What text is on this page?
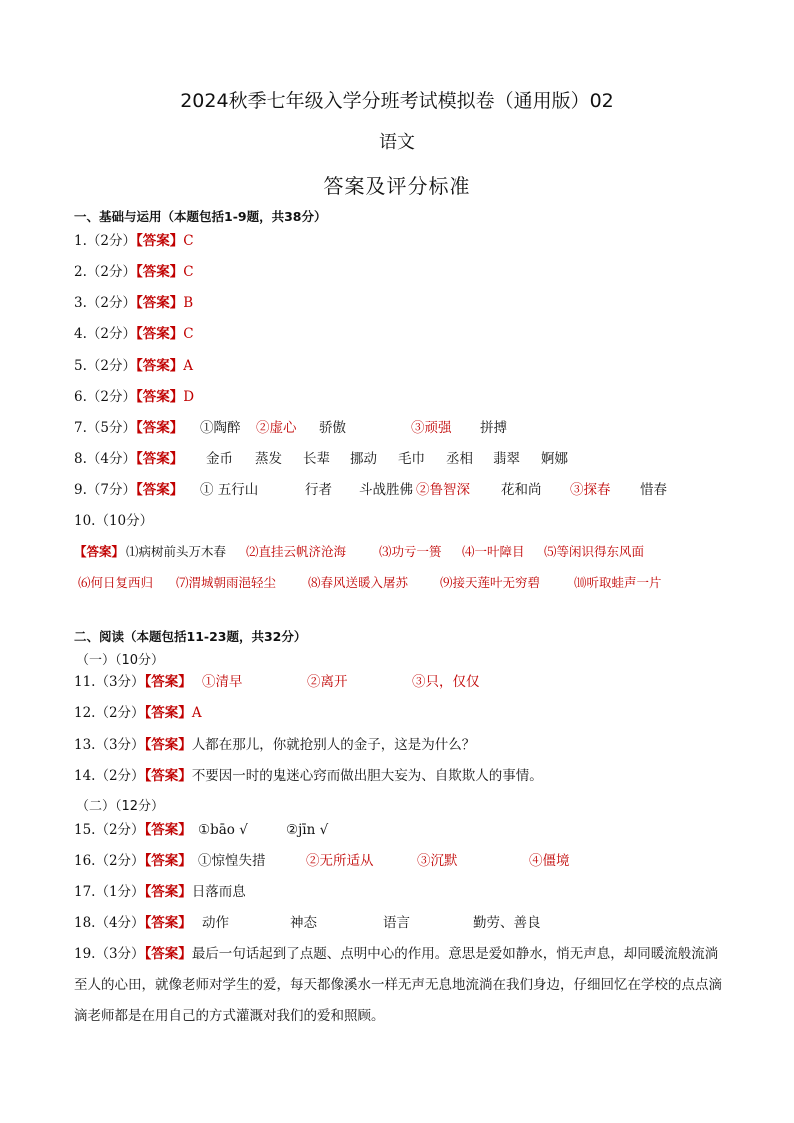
2024秋季七年级入学分班考试模拟卷（通用版）02
语文
答案及评分标准
一、基础与运用（本题包括1-9题，共38分）
1.（2分）【答案】C
2.（2分）【答案】C
3.（2分）【答案】B
4.（2分）【答案】C
5.（2分）【答案】A
6.（2分）【答案】D
7.（5分）【答案】 ①陶醉 ②虚心 骄傲	③顽强 拼搏
8.（4分）【答案】 金币 蒸发 长辈 挪动 毛巾 丞相 翡翠 婀娜
9.（7分）【答案】 ① 五行山	行者 斗战胜佛 ②鲁智深 花和尚 ③探春 惜春
10.（10分）
【答案】 ⑴病树前头万木春 ⑵直挂云帆济沧海	⑶功亏一篑 ⑷一叶障目 ⑸等闲识得东风面
⑹何日复西归 ⑺渭城朝雨浥轻尘	⑻春风送暖入屠苏	⑼接天莲叶无穷碧	⑽听取蛙声一片
二、阅读（本题包括11-23题，共32分）
（一）（10分）
11.（3分）【答案】 ①清早	②离开	③只，仅仅
12.（2分）【答案】A
13.（3分）【答案】人都在那儿，你就抢别人的金子，这是为什么？
14.（2分）【答案】不要因一时的鬼迷心窍而做出胆大妄为、自欺欺人的事情。
（二）（12分）
15.（2分）【答案】 ①bāo √	②jīn √
16.（2分）【答案】 ①惊惶失措	②无所适从	③沉默	④僵境
17.（1分）【答案】日落而息
18.（4分）【答案】 动作	神态	语言	勤劳、善良
19.（3分）【答案】最后一句话起到了点题、点明中心的作用。意思是爱如静水，悄无声息，却同暖流般流淌至人的心田，就像老师对学生的爱，每天都像溪水一样无声无息地流淌在我们身边，仔细回忆在学校的点点滴滴老师都是在用自己的方式灌溉对我们的爱和照顾。
